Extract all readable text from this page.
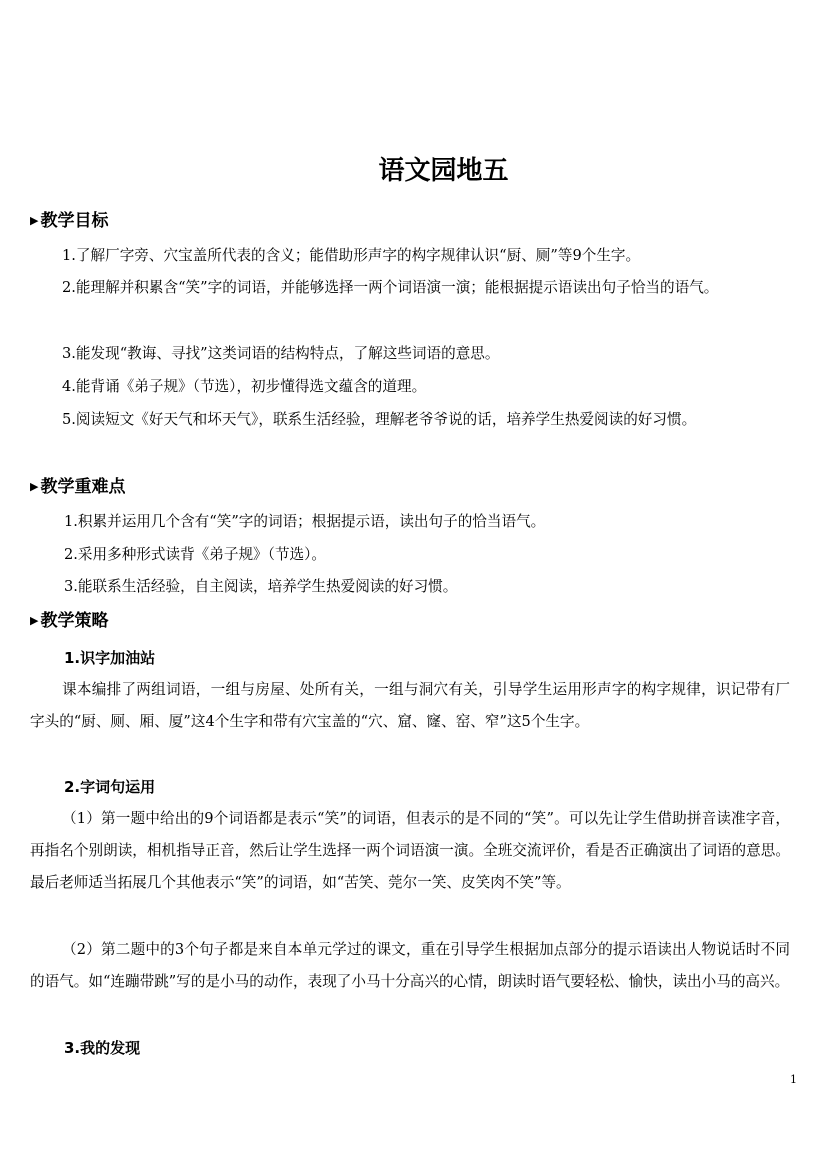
语文园地五
▶ 教学目标

1.了解厂字旁、穴宝盖所代表的含义；能借助形声字的构字规律认识“厨、厕”等9个生字。

2.能理解并积累含“笑”字的词语，并能够选择一两个词语演一演；能根据提示语读出句子恰当的语气。

3.能发现“教诲、寻找”这类词语的结构特点，了解这些词语的意思。

4.能背诵《弟子规》（节选），初步懂得选文蕴含的道理。

5.阅读短文《好天气和坏天气》，联系生活经验，理解老爷爷说的话，培养学生热爱阅读的好习惯。

▶ 教学重难点

1.积累并运用几个含有“笑”字的词语；根据提示语，读出句子的恰当语气。

2.采用多种形式读背《弟子规》（节选）。

3.能联系生活经验，自主阅读，培养学生热爱阅读的好习惯。

▶ 教学策略
1.识字加油站

课本编排了两组词语，一组与房屋、处所有关，一组与洞穴有关，引导学生运用形声字的构字规律，识记带有厂字头的“厨、厕、厢、厦”这4个生字和带有穴宝盖的“穴、窟、窿、窑、窄”这5个生字。

2.字词句运用

（1）第一题中给出的9个词语都是表示“笑”的词语，但表示的是不同的“笑”。可以先让学生借助拼音读准字音，再指名个别朗读，相机指导正音，然后让学生选择一两个词语演一演。全班交流评价，看是否正确演出了词语的意思。最后老师适当拓展几个其他表示“笑”的词语，如“苦笑、莞尔一笑、皮笑肉不笑”等。

（2）第二题中的3个句子都是来自本单元学过的课文，重在引导学生根据加点部分的提示语读出人物说话时不同的语气。如“连蹦带跳”写的是小马的动作，表现了小马十分高兴的心情，朗读时语气要轻松、愉快，读出小马的高兴。

3.我的发现
1
